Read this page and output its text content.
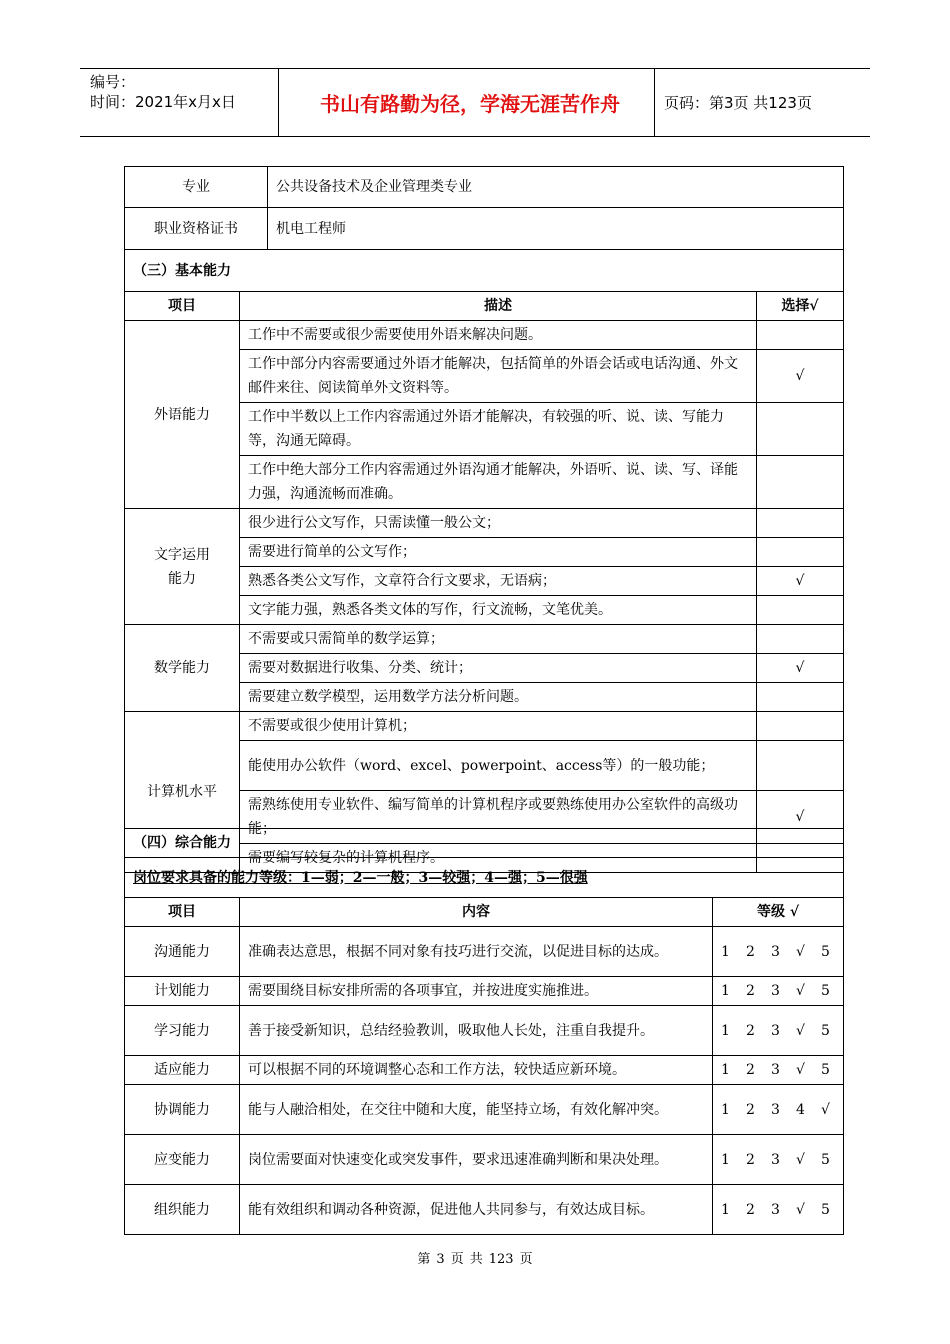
编号：
时间：2021年x月x日	书山有路勤为径，学海无涯苦作舟	页码：第3页 共123页
专业	公共设备技术及企业管理类专业
职业资格证书	机电工程师
（三）基本能力		
项目	描述	选择√
外语能力	工作中不需要或很少需要使用外语来解决问题。	
	工作中部分内容需要通过外语才能解决，包括简单的外语会话或电话沟通、外文邮件来往、阅读简单外文资料等。	√
	工作中半数以上工作内容需通过外语才能解决，有较强的听、说、读、写能力等，沟通无障碍。	
	工作中绝大部分工作内容需通过外语沟通才能解决，外语听、说、读、写、译能力强，沟通流畅而准确。	
文字运用能力	很少进行公文写作，只需读懂一般公文；	
	需要进行简单的公文写作；	
	熟悉各类公文写作，文章符合行文要求，无语病；	√
	文字能力强，熟悉各类文体的写作，行文流畅，文笔优美。	
数学能力	不需要或只需简单的数学运算；	
	需要对数据进行收集、分类、统计；	√
	需要建立数学模型，运用数学方法分析问题。	
计算机水平	不需要或很少使用计算机；	
	能使用办公软件（word、excel、powerpoint、access等）的一般功能；	
	需熟练使用专业软件、编写简单的计算机程序或要熟练使用办公室软件的高级功能；	√
	需要编写较复杂的计算机程序。	
（四）综合能力		
岗位要求具备的能力等级：1—弱；2—一般；3—较强；4—强；5—很强		
项目	内容	等级 √
沟通能力	准确表达意思，根据不同对象有技巧进行交流，以促进目标的达成。	1 2 3 √ 5
计划能力	需要围绕目标安排所需的各项事宜，并按进度实施推进。	1 2 3 √ 5
学习能力	善于接受新知识，总结经验教训，吸取他人长处，注重自我提升。	1 2 3 √ 5
适应能力	可以根据不同的环境调整心态和工作方法，较快适应新环境。	1 2 3√ 5
协调能力	能与人融洽相处，在交往中随和大度，能坚持立场，有效化解冲突。	1 2 3 4 √
应变能力	岗位需要面对快速变化或突发事件，要求迅速准确判断和果决处理。	1 2 3 √ 5
组织能力	能有效组织和调动各种资源，促进他人共同参与，有效达成目标。	1 2 3 √ 5
第 3 页 共 123 页
